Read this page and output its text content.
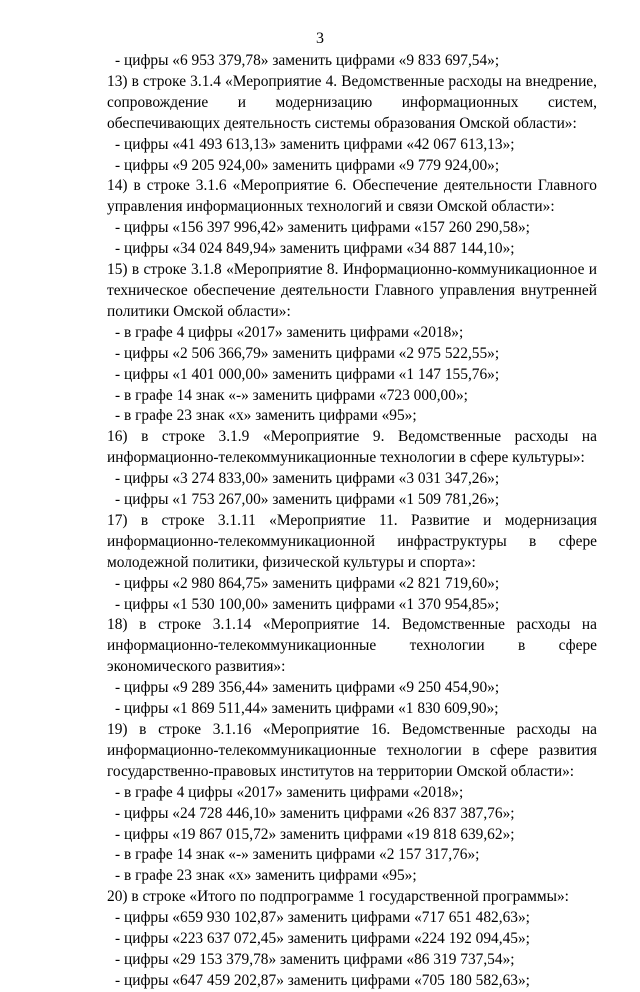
3

- цифры «6 953 379,78» заменить цифрами «9 833 697,54»;

13) в строке 3.1.4 «Мероприятие 4. Ведомственные расходы на внедрение, сопровождение и модернизацию информационных систем, обеспечивающих деятельность системы образования Омской области»:

- цифры «41 493 613,13» заменить цифрами «42 067 613,13»;

- цифры «9 205 924,00» заменить цифрами «9 779 924,00»;

14) в строке 3.1.6 «Мероприятие 6. Обеспечение деятельности Главного управления информационных технологий и связи Омской области»:

- цифры «156 397 996,42» заменить цифрами «157 260 290,58»;

- цифры «34 024 849,94» заменить цифрами «34 887 144,10»;

15) в строке 3.1.8 «Мероприятие 8. Информационно-коммуникационное и техническое обеспечение деятельности Главного управления внутренней политики Омской области»:

- в графе 4 цифры «2017» заменить цифрами «2018»;

- цифры «2 506 366,79» заменить цифрами «2 975 522,55»;

- цифры «1 401 000,00» заменить цифрами «1 147 155,76»;

- в графе 14 знак «-» заменить цифрами «723 000,00»;

- в графе 23 знак «х» заменить цифрами «95»;

16) в строке 3.1.9 «Мероприятие 9. Ведомственные расходы на информационно-телекоммуникационные технологии в сфере культуры»:

- цифры «3 274 833,00» заменить цифрами «3 031 347,26»;

- цифры «1 753 267,00» заменить цифрами «1 509 781,26»;

17) в строке 3.1.11 «Мероприятие 11. Развитие и модернизация информационно-телекоммуникационной инфраструктуры в сфере молодежной политики, физической культуры и спорта»:

- цифры «2 980 864,75» заменить цифрами «2 821 719,60»;

- цифры «1 530 100,00» заменить цифрами «1 370 954,85»;

18) в строке 3.1.14 «Мероприятие 14. Ведомственные расходы на информационно-телекоммуникационные технологии в сфере экономического развития»:

- цифры «9 289 356,44» заменить цифрами «9 250 454,90»;

- цифры «1 869 511,44» заменить цифрами «1 830 609,90»;

19) в строке 3.1.16 «Мероприятие 16. Ведомственные расходы на информационно-телекоммуникационные технологии в сфере развития государственно-правовых институтов на территории Омской области»:

- в графе 4 цифры «2017» заменить цифрами «2018»;

- цифры «24 728 446,10» заменить цифрами «26 837 387,76»;

- цифры «19 867 015,72» заменить цифрами «19 818 639,62»;

- в графе 14 знак «-» заменить цифрами «2 157 317,76»;

- в графе 23 знак «х» заменить цифрами «95»;

20) в строке «Итого по подпрограмме 1 государственной программы»:

- цифры «659 930 102,87» заменить цифрами «717 651 482,63»;

- цифры «223 637 072,45» заменить цифрами «224 192 094,45»;

- цифры «29 153 379,78» заменить цифрами «86 319 737,54»;

- цифры «647 459 202,87» заменить цифрами «705 180 582,63»;
